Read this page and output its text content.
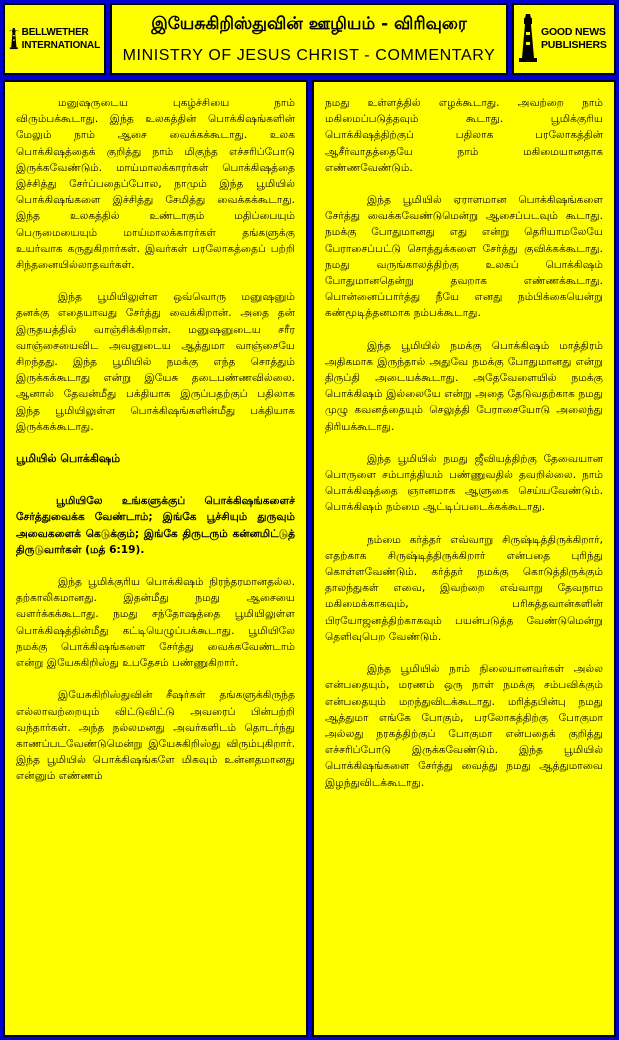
BELLWETHER
INTERNATIONAL
இயேசுகிறிஸ்துவின் ஊழியம் - விரிவுரை
MINISTRY OF JESUS CHRIST - COMMENTARY
GOOD NEWS
PUBLISHERS

மனுஷருடைய புகழ்ச்சியை நாம் விரும்பக்கூடாது. இந்த உலகத்தின் பொக்கிஷங்களின் மேலும் நாம் ஆசை வைக்கக்கூடாது. உலக பொக்கிஷத்தைக் குறித்து நாம் மிகுந்த எச்சரிப்போடு இருக்கவேண்டும். மாய்மாலக்காரர்கள் பொக்கிஷத்தை இச்சித்து சேர்ப்பதைப்போல, நாமும் இந்த பூமியில் பொக்கிஷங்களை இச்சித்து சேமித்து வைக்கக்கூடாது. இந்த உலகத்தில் உண்டாகும் மதிப்பையும் பெருமையையும் மாய்மாலக்காரர்கள் தங்களுக்கு உயர்வாக கருதுகிறார்கள். இவர்கள் பரலோகத்தைப் பற்றி சிந்தனையில்லாதவர்கள்.

இந்த பூமியிலுள்ள ஒவ்வொரு மனுஷனும் தனக்கு எதையாவது சேர்த்து வைக்கிறான். அதை தன் இருதயத்தில் வாஞ்சிக்கிறான். மனுஷனுடைய சரீர வாஞ்சையைவிட அவனுடைய ஆத்துமா வாஞ்சையே சிறந்தது. இந்த பூமியில் நமக்கு எந்த சொத்தும் இருக்கக்கூடாது என்று இயேசு தடைபண்ணவில்லை. ஆனால் தேவன்மீது பக்தியாக இருப்பதற்குப் பதிலாக இந்த பூமியிலுள்ள பொக்கிஷங்களின்மீது பக்தியாக இருக்கக்கூடாது.

பூமியில் பொக்கிஷம்

பூமியிலே உங்களுக்குப் பொக்கிஷங்களைச் சேர்த்துவைக்க வேண்டாம்; இங்கே பூச்சியும் துருவும் அவைகளைக் கெடுக்கும்; இங்கே திருடரும் கன்னமிட்டுத் திருடுவார்கள் (மத் 6:19).

இந்த பூமிக்குரிய பொக்கிஷம் நிரந்தரமானதல்ல. தற்காலிகமானது. இதன்மீது நமது ஆசையை வளர்க்கக்கூடாது. நமது சந்தோஷத்தை பூமியிலுள்ள பொக்கிஷத்தின்மீது கட்டியெழுப்பக்கூடாது. பூமியிலே நமக்கு பொக்கிஷங்களை சேர்த்து வைக்கவேண்டாம் என்று இயேசுகிறிஸ்து உபதேசம் பண்ணுகிறார்.

இயேசுகிறிஸ்துவின் சீஷர்கள் தங்களுக்கிருந்த எல்லாவற்றையும் விட்டுவிட்டு அவரைப் பின்பற்றி வந்தார்கள். அந்த நல்லமனது அவர்களிடம் தொடர்ந்து காணப்படவேண்டுமென்று இயேசுகிறிஸ்து விரும்புகிறார். இந்த பூமியில் பொக்கிஷங்களே மிகவும் உன்னதமானது என்னும் எண்ணம்

நமது உள்ளத்தில் எழக்கூடாது. அவற்றை நாம் மகிமைப்படுத்தவும் கூடாது. பூமிக்குரிய பொக்கிஷத்திற்குப் பதிலாக பரலோகத்தின் ஆசீர்வாதத்தையே நாம் மகிமையானதாக எண்ணவேண்டும்.

இந்த பூமியில் ஏராளமான பொக்கிஷங்களை சேர்த்து வைக்கவேண்டுமென்று ஆசைப்படவும் கூடாது. நமக்கு போதுமானது எது என்று தெரியாமலேயே பேராசைப்பட்டு சொத்துக்களை சேர்த்து குவிக்கக்கூடாது. நமது வருங்காலத்திற்கு உலகப் பொக்கிஷம் போதுமானதென்று தவறாக எண்ணக்கூடாது. பொன்னைப்பார்த்து நீயே எனது நம்பிக்கையென்று கண்மூடித்தனமாக நம்பக்கூடாது.

இந்த பூமியில் நமக்கு பொக்கிஷம் மாத்திரம் அதிகமாக இருந்தால் அதுவே நமக்கு போதுமானது என்று திருப்தி அடையக்கூடாது. அதேவேளையில் நமக்கு பொக்கிஷம் இல்லையே என்று அதை தேடுவதற்காக நமது முழு கவனத்தையும் செலுத்தி பேராசையோடு அலைந்து திரியக்கூடாது.

இந்த பூமியில் நமது ஜீவியத்திற்கு தேவையான பொருளை சம்பாத்தியம் பண்ணுவதில் தவறில்லை. நாம் பொக்கிஷத்தை ஞானமாக ஆளுகை செய்யவேண்டும். பொக்கிஷம் நம்மை ஆட்டிப்படைக்கக்கூடாது.

நம்மை கர்த்தர் எவ்வாறு சிருஷ்டித்திருக்கிறார், எதற்காக சிருஷ்டித்திருக்கிறார் என்பதை புரிந்து கொள்ளவேண்டும். கர்த்தர் நமக்கு கொடுத்திருக்கும் தாலந்துகள் எவை, இவற்றை எவ்வாறு தேவநாம மகிமைக்காகவும், பரிசுத்தவான்களின் பிரயோஜனத்திற்காகவும் பயன்படுத்த வேண்டுமென்று தெளிவுபெற வேண்டும்.

இந்த பூமியில் நாம் நிலையானவர்கள் அல்ல என்பதையும், மரணம் ஒரு நாள் நமக்கு சம்பவிக்கும் என்பதையும் மறந்துவிடக்கூடாது. மரித்தபின்பு நமது ஆத்துமா எங்கே போகும், பரலோகத்திற்கு போகுமா அல்லது நரகத்திற்குப் போகுமா என்பதைக் குறித்து எச்சரிப்போடு இருக்கவேண்டும். இந்த பூமியில் பொக்கிஷங்களை சேர்த்து வைத்து நமது ஆத்துமாவை இழந்துவிடக்கூடாது.
